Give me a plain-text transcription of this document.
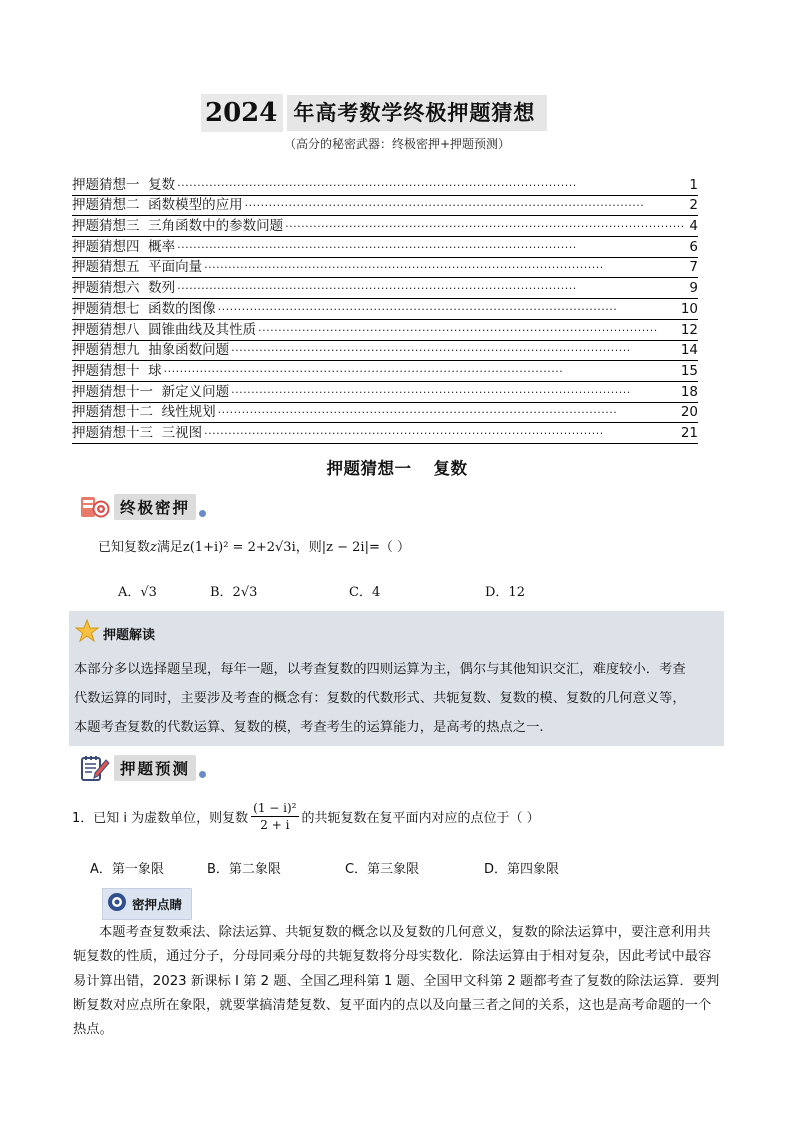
2024 年高考数学终极押题猜想
（高分的秘密武器：终极密押+押题预测）
押题猜想一  复数 ····································································································	1
押题猜想二  函数模型的应用 ····································································································	2
押题猜想三  三角函数中的参数问题 ···································································································· 4
押题猜想四  概率 ····································································································	6
押题猜想五  平面向量 ····································································································	7
押题猜想六  数列 ····································································································	9
押题猜想七  函数的图像 ····································································································	10
押题猜想八  圆锥曲线及其性质 ····································································································	12
押题猜想九  抽象函数问题 ····································································································	14
押题猜想十  球 ····································································································	15
押题猜想十一  新定义问题 ····································································································	18
押题猜想十二  线性规划 ····································································································	20
押题猜想十三  三视图 ····································································································	21
押题猜想一 复数
终极密押
已知复数z满足z(1+i)² = 2+2√3i，则|z − 2i|=（ ）
A．√3	B．2√3	C．4	D．12
押题解读
本部分多以选择题呈现，每年一题，以考查复数的四则运算为主，偶尔与其他知识交汇，难度较小．考查
代数运算的同时，主要涉及考查的概念有：复数的代数形式、共轭复数、复数的模、复数的几何意义等，
本题考查复数的代数运算、复数的模，考查考生的运算能力，是高考的热点之一.
押题预测
1．已知 i 为虚数单位，则复数 $\frac{\text{(1 − i)²}}{2 + i}$ 的共轭复数在复平面内对应的点位于（ ）
A．第一象限	B．第二象限	C．第三象限	D．第四象限
密押点睛
本题考查复数乘法、除法运算、共轭复数的概念以及复数的几何意义，复数的除法运算中，要注意利用共轭复数的性质，通过分子，分母同乘分母的共轭复数将分母实数化．除法运算由于相对复杂，因此考试中最容易计算出错，2023 新课标 I 第 2 题、全国乙理科第 1 题、全国甲文科第 2 题都考查了复数的除法运算．要判断复数对应点所在象限，就要掌搞清楚复数、复平面内的点以及向量三者之间的关系，这也是高考命题的一个热点。
